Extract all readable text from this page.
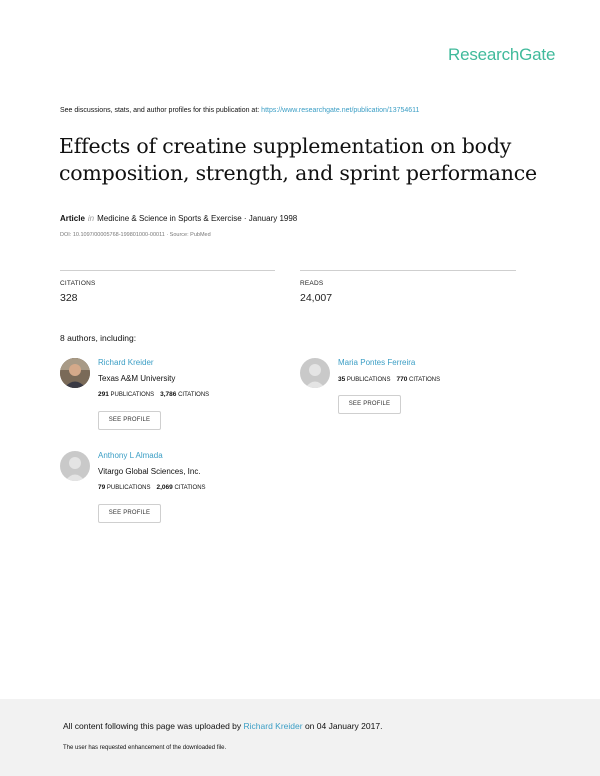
ResearchGate
See discussions, stats, and author profiles for this publication at: https://www.researchgate.net/publication/13754611
Effects of creatine supplementation on body composition, strength, and sprint performance
Article in Medicine & Science in Sports & Exercise · January 1998
DOI: 10.1097/00005768-199801000-00011 · Source: PubMed
CITATIONS
328
READS
24,007
8 authors, including:
Richard Kreider
Texas A&M University
291 PUBLICATIONS 3,786 CITATIONS
SEE PROFILE
Maria Pontes Ferreira
35 PUBLICATIONS 770 CITATIONS
SEE PROFILE
Anthony L Almada
Vitargo Global Sciences, Inc.
79 PUBLICATIONS 2,069 CITATIONS
SEE PROFILE
All content following this page was uploaded by Richard Kreider on 04 January 2017.
The user has requested enhancement of the downloaded file.
